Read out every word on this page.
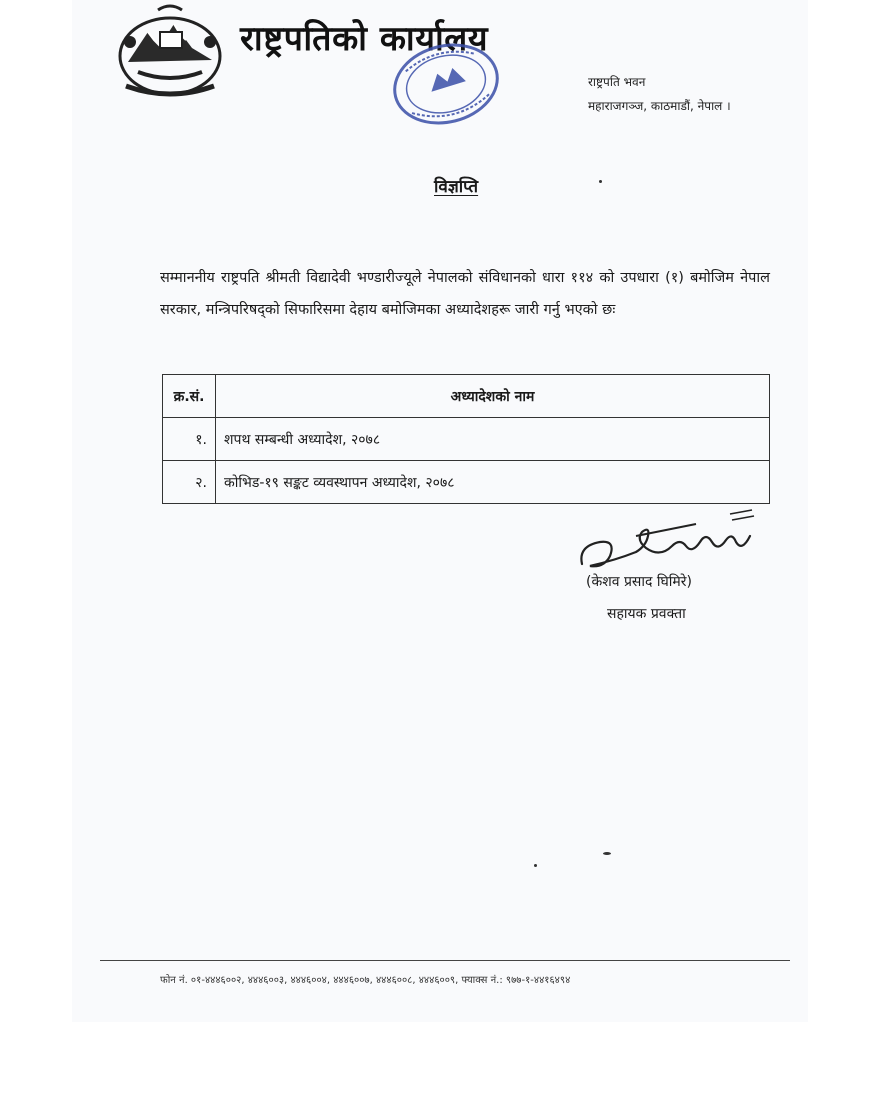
राष्ट्रपतिको कार्यालय
राष्ट्रपति भवन
महाराजगञ्ज, काठमाडौं, नेपाल ।
विज्ञप्ति
सम्माननीय राष्ट्रपति श्रीमती विद्यादेवी भण्डारीज्यूले नेपालको संविधानको धारा ११४ को उपधारा (१) बमोजिम नेपाल सरकार, मन्त्रिपरिषद्को सिफारिसमा देहाय बमोजिमका अध्यादेशहरू जारी गर्नु भएको छः
क्र.सं.	अध्यादेशको नाम
१.	शपथ सम्बन्धी अध्यादेश, २०७८
२.	कोभिड-१९ सङ्कट व्यवस्थापन अध्यादेश, २०७८
(केशव प्रसाद घिमिरे)
सहायक प्रवक्ता
फोन नं. ०१-४४४६००२, ४४४६००३, ४४४६००४, ४४४६००७, ४४४६००८, ४४४६००९, फ्याक्स नं.: ९७७-१-४४१६४९४
